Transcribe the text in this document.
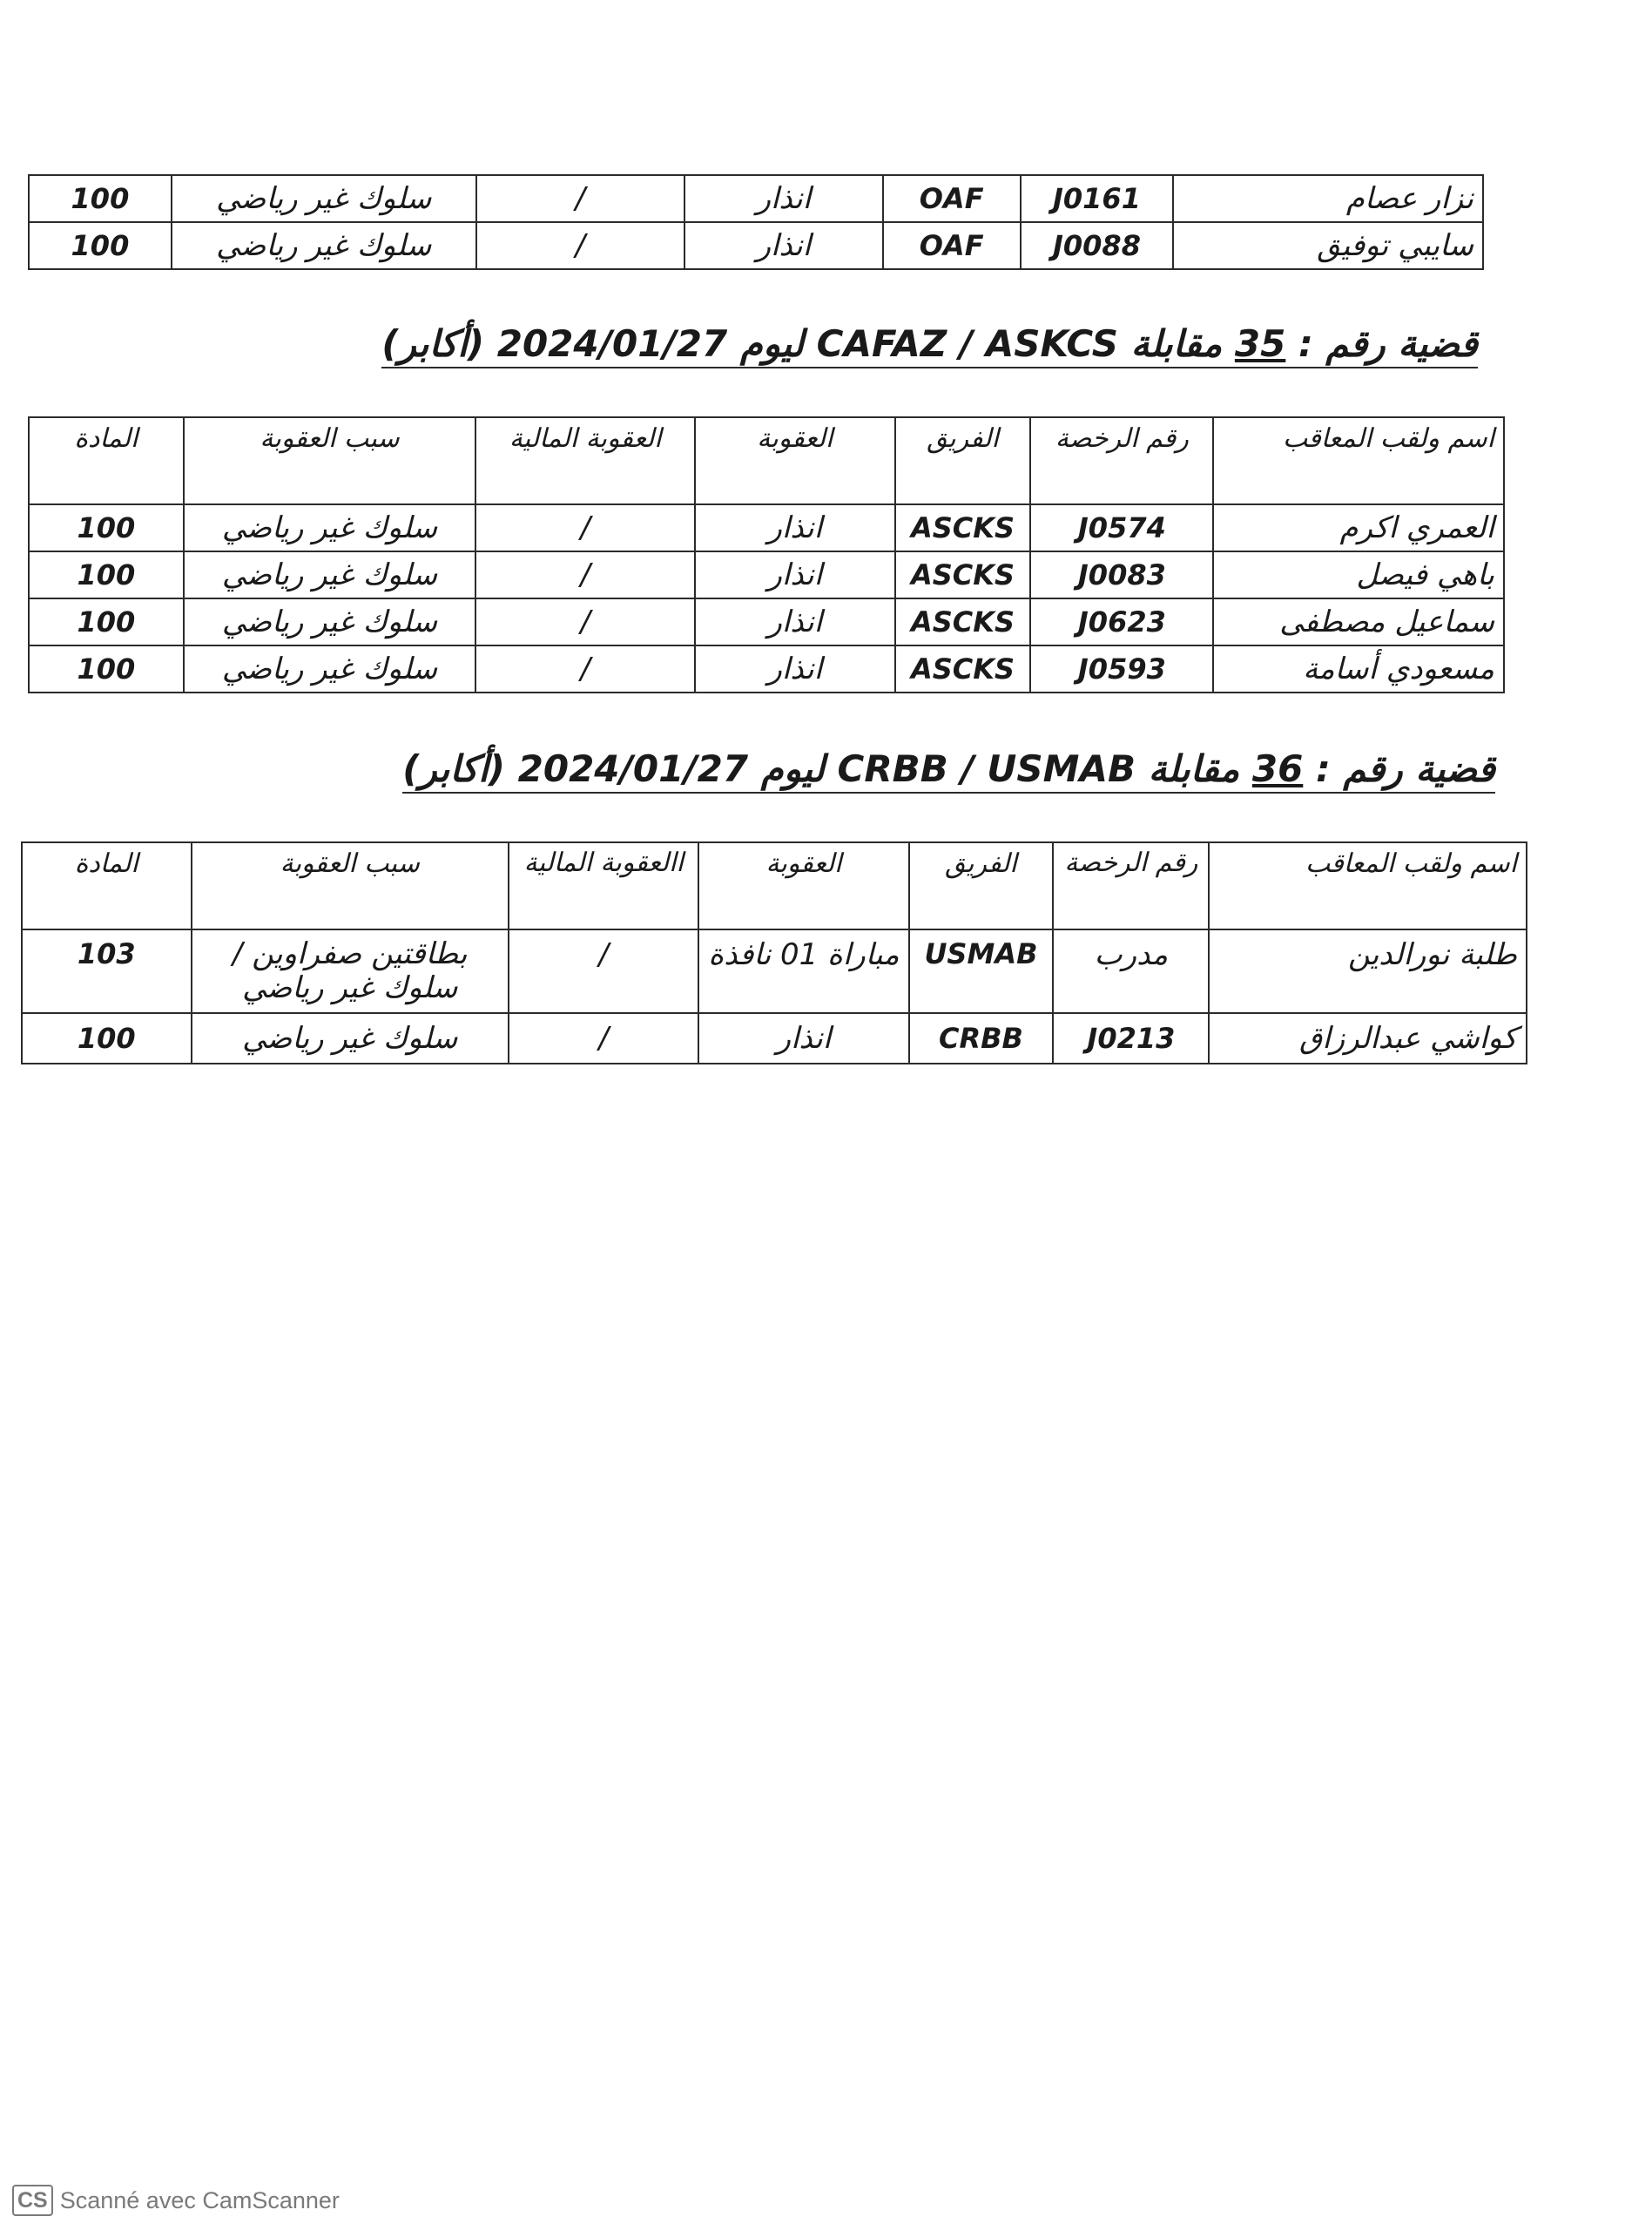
نزار عصام	J0161	OAF	انذار	/	سلوك غير رياضي	100
سايبي توفيق	J0088	OAF	انذار	/	سلوك غير رياضي	100
قضية رقم : 35 مقابلة CAFAZ / ASKCS ليوم 2024/01/27 (أكابر)
اسم ولقب المعاقب	رقم الرخصة	الفريق	العقوبة	العقوبة المالية	سبب العقوبة	المادة
العمري اكرم	J0574	ASCKS	انذار	/	سلوك غير رياضي	100
باهي فيصل	J0083	ASCKS	انذار	/	سلوك غير رياضي	100
سماعيل مصطفى	J0623	ASCKS	انذار	/	سلوك غير رياضي	100
مسعودي أسامة	J0593	ASCKS	انذار	/	سلوك غير رياضي	100
قضية رقم : 36 مقابلة CRBB / USMAB ليوم 2024/01/27 (أكابر)
اسم ولقب المعاقب	رقم الرخصة	الفريق	العقوبة	االعقوبة المالية	سبب العقوبة	المادة
طلبة نورالدين	مدرب	USMAB	مباراة 01 نافذة	/	بطاقتين صفراوين /سلوك غير رياضي	103
كواشي عبدالرزاق	J0213	CRBB	انذار	/	سلوك غير رياضي	100
CS Scanné avec CamScanner
